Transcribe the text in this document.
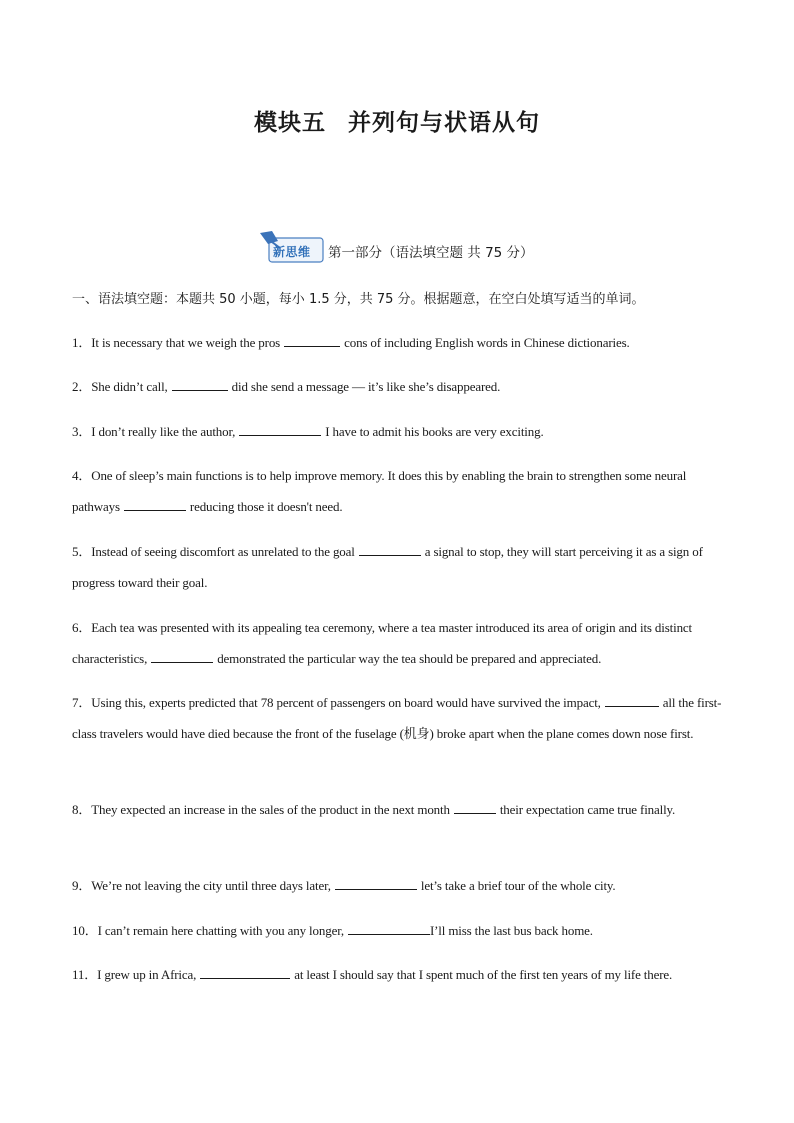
模块五 并列句与状语从句
新思维 第一部分（语法填空题 共 75 分）

一、语法填空题：本题共 50 小题，每小 1.5 分，共 75 分。根据题意，在空白处填写适当的单词。

1．It is necessary that we weigh the pros	cons of including English words in Chinese dictionaries.

2．She didn’t call,	did she send a message — it’s like she’s disappeared.

3．I don’t really like the author,	I have to admit his books are very exciting.

4．One of sleep’s main functions is to help improve memory. It does this by enabling the brain to strengthen some neural pathways	reducing those it doesn't need.

5．Instead of seeing discomfort as unrelated to the goal	a signal to stop, they will start perceiving it as a sign of progress toward their goal.

6．Each tea was presented with its appealing tea ceremony, where a tea master introduced its area of origin and its distinct characteristics,	demonstrated the particular way the tea should be prepared and appreciated.

7．Using this, experts predicted that 78 percent of passengers on board would have survived the impact,	all the first-class travelers would have died because the front of the fuselage (机身) broke apart when the plane comes down nose first.

8．They expected an increase in the sales of the product in the next month	their expectation came true finally.

9．We’re not leaving the city until three days later,	let’s take a brief tour of the whole city.

10．I can’t remain here chatting with you any longer,	I’ll miss the last bus back home.

11．I grew up in Africa,	at least I should say that I spent much of the first ten years of my life there.
